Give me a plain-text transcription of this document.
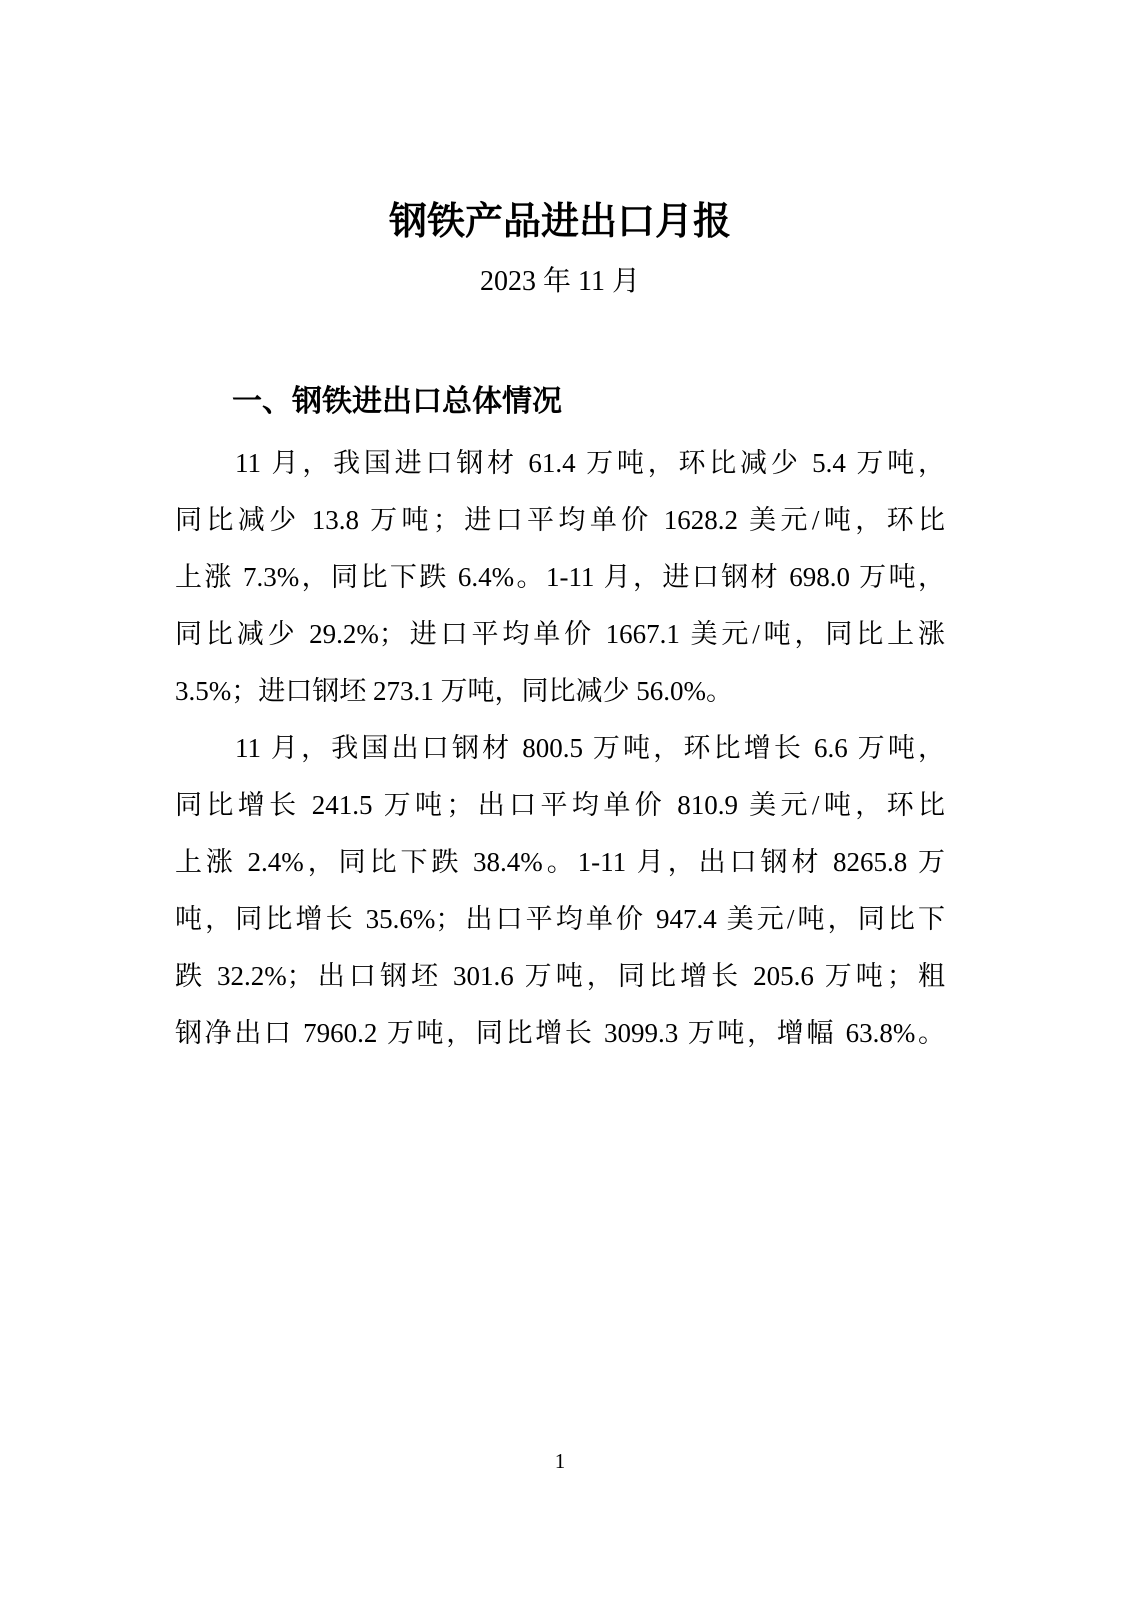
钢铁产品进出口月报
2023 年 11 月
一、钢铁进出口总体情况
11 月，我国进口钢材 61.4 万吨，环比减少 5.4 万吨，
同比减少 13.8 万吨；进口平均单价 1628.2 美元/吨，环比
上涨 7.3%，同比下跌 6.4%。1-11 月，进口钢材 698.0 万吨，
同比减少 29.2%；进口平均单价 1667.1 美元/吨，同比上涨
3.5%；进口钢坯 273.1 万吨，同比减少 56.0%。
11 月，我国出口钢材 800.5 万吨，环比增长 6.6 万吨，
同比增长 241.5 万吨；出口平均单价 810.9 美元/吨，环比
上涨 2.4%，同比下跌 38.4%。1-11 月，出口钢材 8265.8 万
吨，同比增长 35.6%；出口平均单价 947.4 美元/吨，同比下
跌 32.2%；出口钢坯 301.6 万吨，同比增长 205.6 万吨；粗
钢净出口 7960.2 万吨，同比增长 3099.3 万吨，增幅 63.8%。
1
